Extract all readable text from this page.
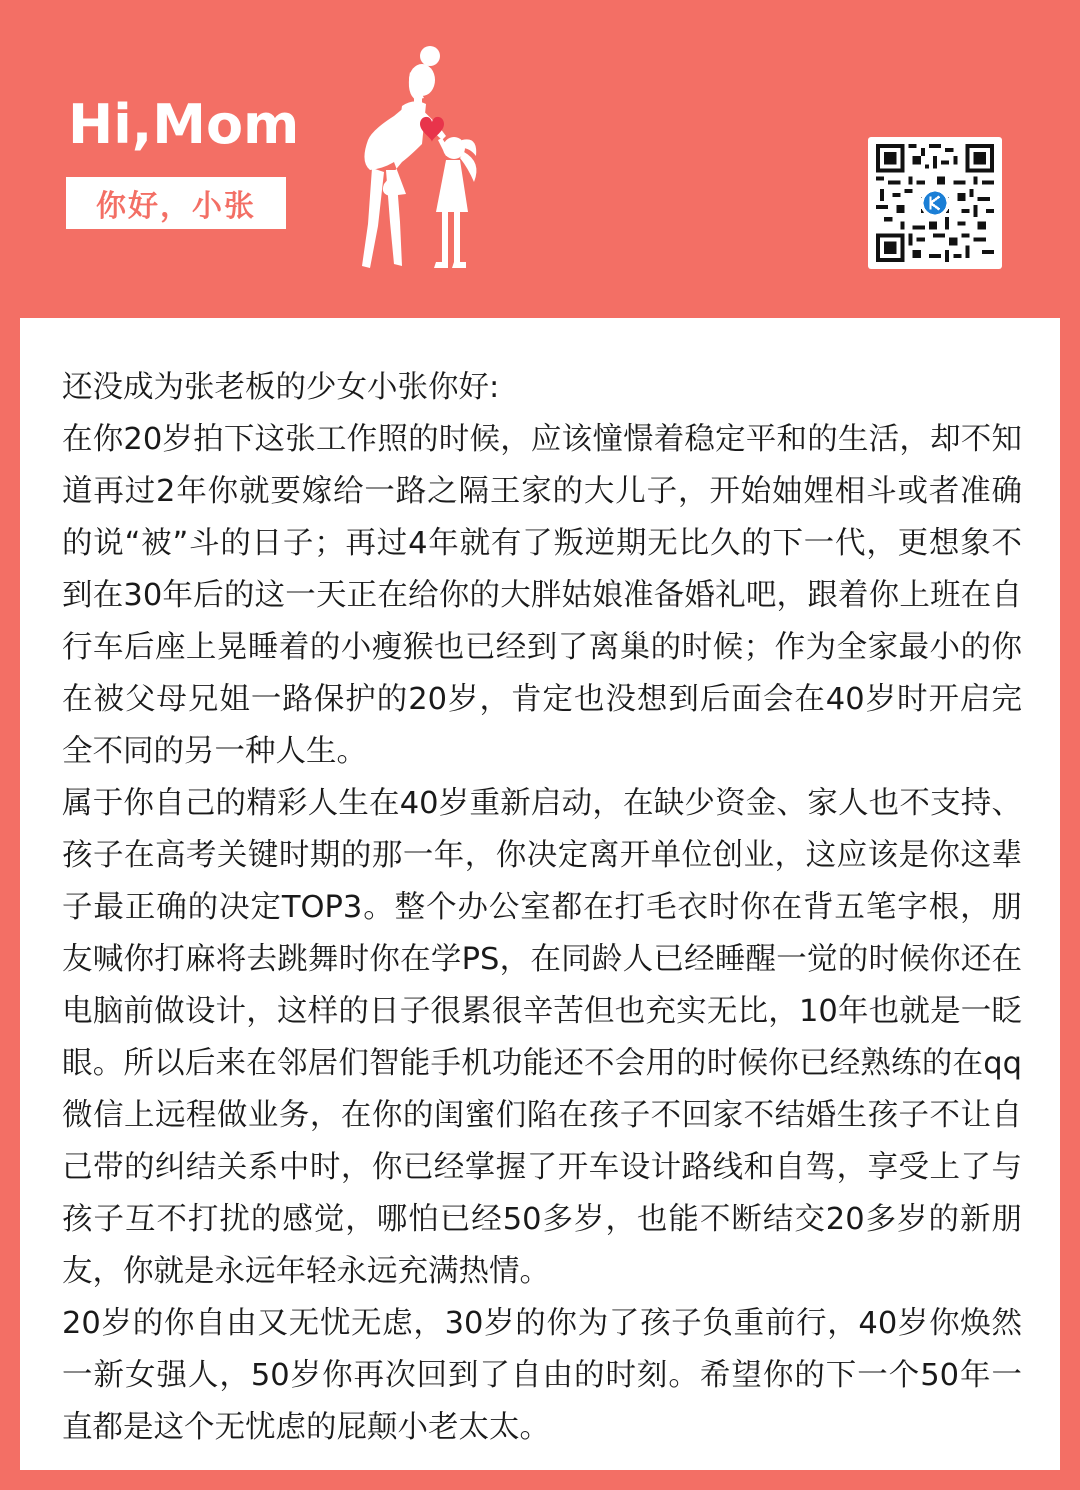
Hi,Mom
你好，小张

还没成为张老板的少女小张你好:

在你20岁拍下这张工作照的时候，应该憧憬着稳定平和的生活，却不知道再过2年你就要嫁给一路之隔王家的大儿子，开始妯娌相斗或者准确的说“被”斗的日子；再过4年就有了叛逆期无比久的下一代，更想象不到在30年后的这一天正在给你的大胖姑娘准备婚礼吧，跟着你上班在自行车后座上晃睡着的小瘦猴也已经到了离巢的时候；作为全家最小的你在被父母兄姐一路保护的20岁，肯定也没想到后面会在40岁时开启完全不同的另一种人生。

属于你自己的精彩人生在40岁重新启动，在缺少资金、家人也不支持、孩子在高考关键时期的那一年，你决定离开单位创业，这应该是你这辈子最正确的决定TOP3。整个办公室都在打毛衣时你在背五笔字根，朋友喊你打麻将去跳舞时你在学PS，在同龄人已经睡醒一觉的时候你还在电脑前做设计，这样的日子很累很辛苦但也充实无比，10年也就是一眨眼。所以后来在邻居们智能手机功能还不会用的时候你已经熟练的在qq微信上远程做业务，在你的闺蜜们陷在孩子不回家不结婚生孩子不让自己带的纠结关系中时，你已经掌握了开车设计路线和自驾，享受上了与孩子互不打扰的感觉，哪怕已经50多岁，也能不断结交20多岁的新朋友，你就是永远年轻永远充满热情。

20岁的你自由又无忧无虑，30岁的你为了孩子负重前行，40岁你焕然一新女强人，50岁你再次回到了自由的时刻。希望你的下一个50年一直都是这个无忧虑的屁颠小老太太。
